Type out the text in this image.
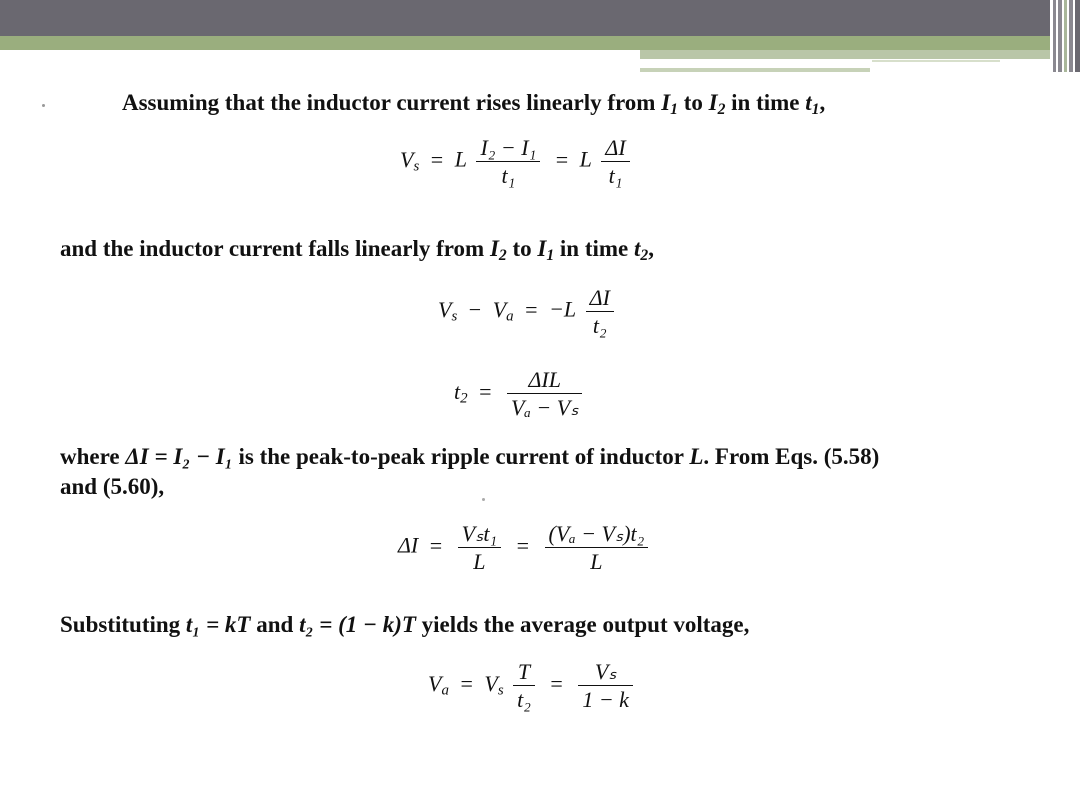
Assuming that the inductor current rises linearly from $I_1$ to $I_2$ in time $t_1$,
$V_s = L \frac{\text{I₂ − I₁}}{\text{t₁}} = L \frac{\Delta I}{\text{t₁}}$
and the inductor current falls linearly from $I_2$ to $I_1$ in time $t_2$,
$V_s - V_a = -L \frac{\Delta I}{\text{t₂}}$
$t_2 = \frac{\text{ΔIL}}{\text{Vₐ − Vₛ}}$
where ΔI = I₂ − I₁ is the peak-to-peak ripple current of inductor L. From Eqs. (5.58)
and (5.60),
$\Delta I = \frac{\text{Vₛt₁}}{L} = \frac{\text{(Vₐ − Vₛ)t₂}}{L}$
Substituting t₁ = kT and t₂ = (1 − k)T yields the average output voltage,
$V_a = V_s \frac{T}{\text{t₂}} = \frac{\text{Vₛ}}{1 - k}$
